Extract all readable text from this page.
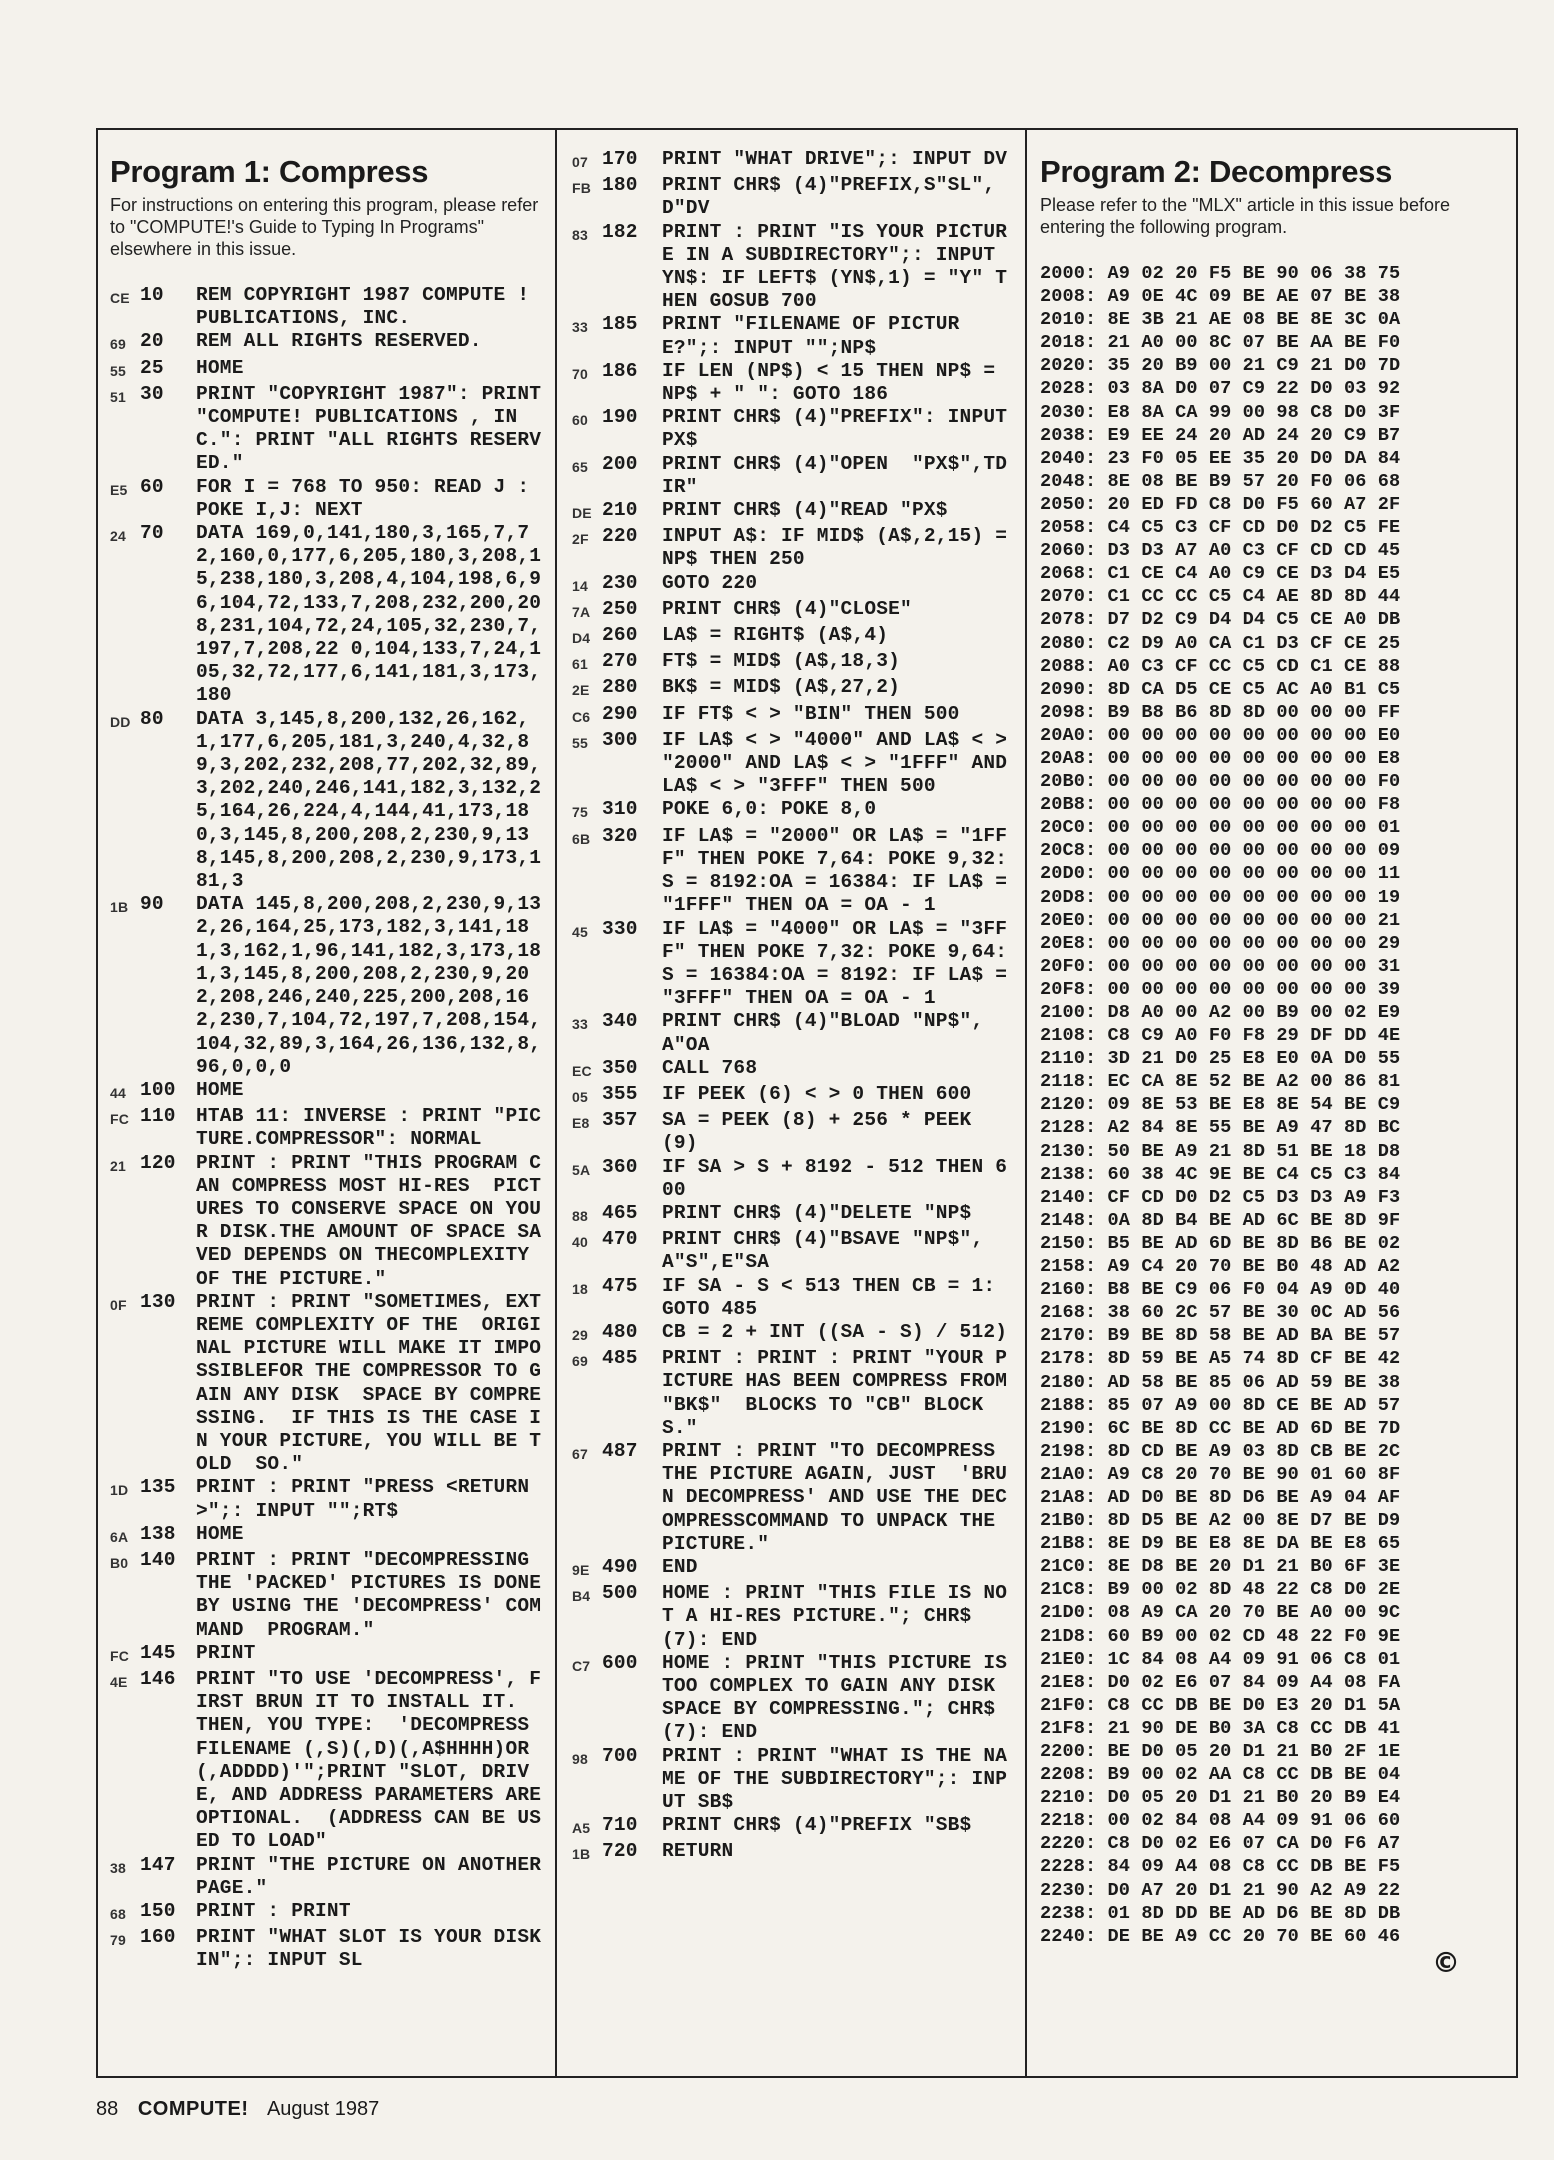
Program 1: Compress

For instructions on entering this program, please refer to "COMPUTE!'s Guide to Typing In Programs" elsewhere in this issue.

CE 10	REM COPYRIGHT 1987 COMPUTE ! PUBLICATIONS, INC.
69 20	REM ALL RIGHTS RESERVED.
55 25	HOME
51 30	PRINT "COPYRIGHT 1987": PRINT "COMPUTE! PUBLICATIONS , INC.": PRINT "ALL RIGHTS RESERVED."
E5 60	FOR I = 768 TO 950: READ J : POKE I,J: NEXT
24 70	DATA 169,0,141,180,3,165,7,72,160,0,177,6,205,180,3,208,15,238,180,3,208,4,104,198,6,96,104,72,133,7,208,232,200,208,231,104,72,24,105,32,230,7,197,7,208,22 0,104,133,7,24,105,32,72,177,6,141,181,3,173,180
DD 80	DATA 3,145,8,200,132,26,162,1,177,6,205,181,3,240,4,32,89,3,202,232,208,77,202,32,89,3,202,240,246,141,182,3,132,25,164,26,224,4,144,41,173,180,3,145,8,200,208,2,230,9,138,145,8,200,208,2,230,9,173,181,3
1B 90	DATA 145,8,200,208,2,230,9,132,26,164,25,173,182,3,141,181,3,162,1,96,141,182,3,173,181,3,145,8,200,208,2,230,9,202,208,246,240,225,200,208,162,230,7,104,72,197,7,208,154,104,32,89,3,164,26,136,132,8,96,0,0,0
44 100	HOME
FC 110	HTAB 11: INVERSE : PRINT "PICTURE.COMPRESSOR": NORMAL
21 120	PRINT : PRINT "THIS PROGRAM CAN COMPRESS MOST HI-RES  PICTURES TO CONSERVE SPACE ON YOUR DISK.THE AMOUNT OF SPACE SAVED DEPENDS ON THECOMPLEXITY OF THE PICTURE."
0F 130	PRINT : PRINT "SOMETIMES, EXTREME COMPLEXITY OF THE  ORIGINAL PICTURE WILL MAKE IT IMPOSSIBLEFOR THE COMPRESSOR TO GAIN ANY DISK  SPACE BY COMPRESSING.  IF THIS IS THE CASE IN YOUR PICTURE, YOU WILL BE TOLD  SO."
1D 135	PRINT : PRINT "PRESS <RETURN>";: INPUT "";RT$
6A 138	HOME
B0 140	PRINT : PRINT "DECOMPRESSING THE 'PACKED' PICTURES IS DONE BY USING THE 'DECOMPRESS' COMMAND  PROGRAM."
FC 145	PRINT
4E 146	PRINT "TO USE 'DECOMPRESS', FIRST BRUN IT TO INSTALL IT.  THEN, YOU TYPE:  'DECOMPRESS FILENAME (,S)(,D)(,A$HHHH)OR(,ADDDD)'";PRINT "SLOT, DRIVE, AND ADDRESS PARAMETERS ARE OPTIONAL.  (ADDRESS CAN BE USED TO LOAD"
38 147	PRINT "THE PICTURE ON ANOTHER PAGE."
68 150	PRINT : PRINT
79 160	PRINT "WHAT SLOT IS YOUR DISK IN";: INPUT SL
07 170	PRINT "WHAT DRIVE";: INPUT DV
FB 180	PRINT CHR$ (4)"PREFIX,S"SL",D"DV
83 182	PRINT : PRINT "IS YOUR PICTURE IN A SUBDIRECTORY";: INPUT YN$: IF LEFT$ (YN$,1) = "Y" THEN GOSUB 700
33 185	PRINT "FILENAME OF PICTURE?";: INPUT "";NP$
70 186	IF LEN (NP$) < 15 THEN NP$ = NP$ + " ": GOTO 186
60 190	PRINT CHR$ (4)"PREFIX": INPUT PX$
65 200	PRINT CHR$ (4)"OPEN  "PX$",TDIR"
DE 210	PRINT CHR$ (4)"READ "PX$
2F 220	INPUT A$: IF MID$ (A$,2,15) = NP$ THEN 250
14 230	GOTO 220
7A 250	PRINT CHR$ (4)"CLOSE"
D4 260	LA$ = RIGHT$ (A$,4)
61 270	FT$ = MID$ (A$,18,3)
2E 280	BK$ = MID$ (A$,27,2)
C6 290	IF FT$ < > "BIN" THEN 500
55 300	IF LA$ < > "4000" AND LA$ < > "2000" AND LA$ < > "1FFF" AND LA$ < > "3FFF" THEN 500
75 310	POKE 6,0: POKE 8,0
6B 320	IF LA$ = "2000" OR LA$ = "1FFF" THEN POKE 7,64: POKE 9,32:S = 8192:OA = 16384: IF LA$ = "1FFF" THEN OA = OA - 1
45 330	IF LA$ = "4000" OR LA$ = "3FFF" THEN POKE 7,32: POKE 9,64:S = 16384:OA = 8192: IF LA$ = "3FFF" THEN OA = OA - 1
33 340	PRINT CHR$ (4)"BLOAD "NP$",A"OA
EC 350	CALL 768
05 355	IF PEEK (6) < > 0 THEN 600
E8 357	SA = PEEK (8) + 256 * PEEK (9)
5A 360	IF SA > S + 8192 - 512 THEN 600
88 465	PRINT CHR$ (4)"DELETE "NP$
40 470	PRINT CHR$ (4)"BSAVE "NP$",A"S",E"SA
18 475	IF SA - S < 513 THEN CB = 1: GOTO 485
29 480	CB = 2 + INT ((SA - S) / 512)
69 485	PRINT : PRINT : PRINT "YOUR PICTURE HAS BEEN COMPRESS FROM "BK$"  BLOCKS TO "CB" BLOCKS."
67 487	PRINT : PRINT "TO DECOMPRESS THE PICTURE AGAIN, JUST  'BRUN DECOMPRESS' AND USE THE DECOMPRESSCOMMAND TO UNPACK THE PICTURE."
9E 490	END
B4 500	HOME : PRINT "THIS FILE IS NOT A HI-RES PICTURE."; CHR$ (7): END
C7 600	HOME : PRINT "THIS PICTURE IS TOO COMPLEX TO GAIN ANY DISK SPACE BY COMPRESSING."; CHR$ (7): END
98 700	PRINT : PRINT "WHAT IS THE NAME OF THE SUBDIRECTORY";: INPUT SB$
A5 710	PRINT CHR$ (4)"PREFIX "SB$
1B 720	RETURN
Program 2: Decompress

Please refer to the "MLX" article in this issue before entering the following program.

2000: A9 02 20 F5 BE 90 06 38 75
2008: A9 0E 4C 09 BE AE 07 BE 38
2010: 8E 3B 21 AE 08 BE 8E 3C 0A
2018: 21 A0 00 8C 07 BE AA BE F0
2020: 35 20 B9 00 21 C9 21 D0 7D
2028: 03 8A D0 07 C9 22 D0 03 92
2030: E8 8A CA 99 00 98 C8 D0 3F
2038: E9 EE 24 20 AD 24 20 C9 B7
2040: 23 F0 05 EE 35 20 D0 DA 84
2048: 8E 08 BE B9 57 20 F0 06 68
2050: 20 ED FD C8 D0 F5 60 A7 2F
2058: C4 C5 C3 CF CD D0 D2 C5 FE
2060: D3 D3 A7 A0 C3 CF CD CD 45
2068: C1 CE C4 A0 C9 CE D3 D4 E5
2070: C1 CC CC C5 C4 AE 8D 8D 44
2078: D7 D2 C9 D4 D4 C5 CE A0 DB
2080: C2 D9 A0 CA C1 D3 CF CE 25
2088: A0 C3 CF CC C5 CD C1 CE 88
2090: 8D CA D5 CE C5 AC A0 B1 C5
2098: B9 B8 B6 8D 8D 00 00 00 FF
20A0: 00 00 00 00 00 00 00 00 E0
20A8: 00 00 00 00 00 00 00 00 E8
20B0: 00 00 00 00 00 00 00 00 F0
20B8: 00 00 00 00 00 00 00 00 F8
20C0: 00 00 00 00 00 00 00 00 01
20C8: 00 00 00 00 00 00 00 00 09
20D0: 00 00 00 00 00 00 00 00 11
20D8: 00 00 00 00 00 00 00 00 19
20E0: 00 00 00 00 00 00 00 00 21
20E8: 00 00 00 00 00 00 00 00 29
20F0: 00 00 00 00 00 00 00 00 31
20F8: 00 00 00 00 00 00 00 00 39
2100: D8 A0 00 A2 00 B9 00 02 E9
2108: C8 C9 A0 F0 F8 29 DF DD 4E
2110: 3D 21 D0 25 E8 E0 0A D0 55
2118: EC CA 8E 52 BE A2 00 86 81
2120: 09 8E 53 BE E8 8E 54 BE C9
2128: A2 84 8E 55 BE A9 47 8D BC
2130: 50 BE A9 21 8D 51 BE 18 D8
2138: 60 38 4C 9E BE C4 C5 C3 84
2140: CF CD D0 D2 C5 D3 D3 A9 F3
2148: 0A 8D B4 BE AD 6C BE 8D 9F
2150: B5 BE AD 6D BE 8D B6 BE 02
2158: A9 C4 20 70 BE B0 48 AD A2
2160: B8 BE C9 06 F0 04 A9 0D 40
2168: 38 60 2C 57 BE 30 0C AD 56
2170: B9 BE 8D 58 BE AD BA BE 57
2178: 8D 59 BE A5 74 8D CF BE 42
2180: AD 58 BE 85 06 AD 59 BE 38
2188: 85 07 A9 00 8D CE BE AD 57
2190: 6C BE 8D CC BE AD 6D BE 7D
2198: 8D CD BE A9 03 8D CB BE 2C
21A0: A9 C8 20 70 BE 90 01 60 8F
21A8: AD D0 BE 8D D6 BE A9 04 AF
21B0: 8D D5 BE A2 00 8E D7 BE D9
21B8: 8E D9 BE E8 8E DA BE E8 65
21C0: 8E D8 BE 20 D1 21 B0 6F 3E
21C8: B9 00 02 8D 48 22 C8 D0 2E
21D0: 08 A9 CA 20 70 BE A0 00 9C
21D8: 60 B9 00 02 CD 48 22 F0 9E
21E0: 1C 84 08 A4 09 91 06 C8 01
21E8: D0 02 E6 07 84 09 A4 08 FA
21F0: C8 CC DB BE D0 E3 20 D1 5A
21F8: 21 90 DE B0 3A C8 CC DB 41
2200: BE D0 05 20 D1 21 B0 2F 1E
2208: B9 00 02 AA C8 CC DB BE 04
2210: D0 05 20 D1 21 B0 20 B9 E4
2218: 00 02 84 08 A4 09 91 06 60
2220: C8 D0 02 E6 07 CA D0 F6 A7
2228: 84 09 A4 08 C8 CC DB BE F5
2230: D0 A7 20 D1 21 90 A2 A9 22
2238: 01 8D DD BE AD D6 BE 8D DB
2240: DE BE A9 CC 20 70 BE 60 46
©
88 COMPUTE! August 1987
